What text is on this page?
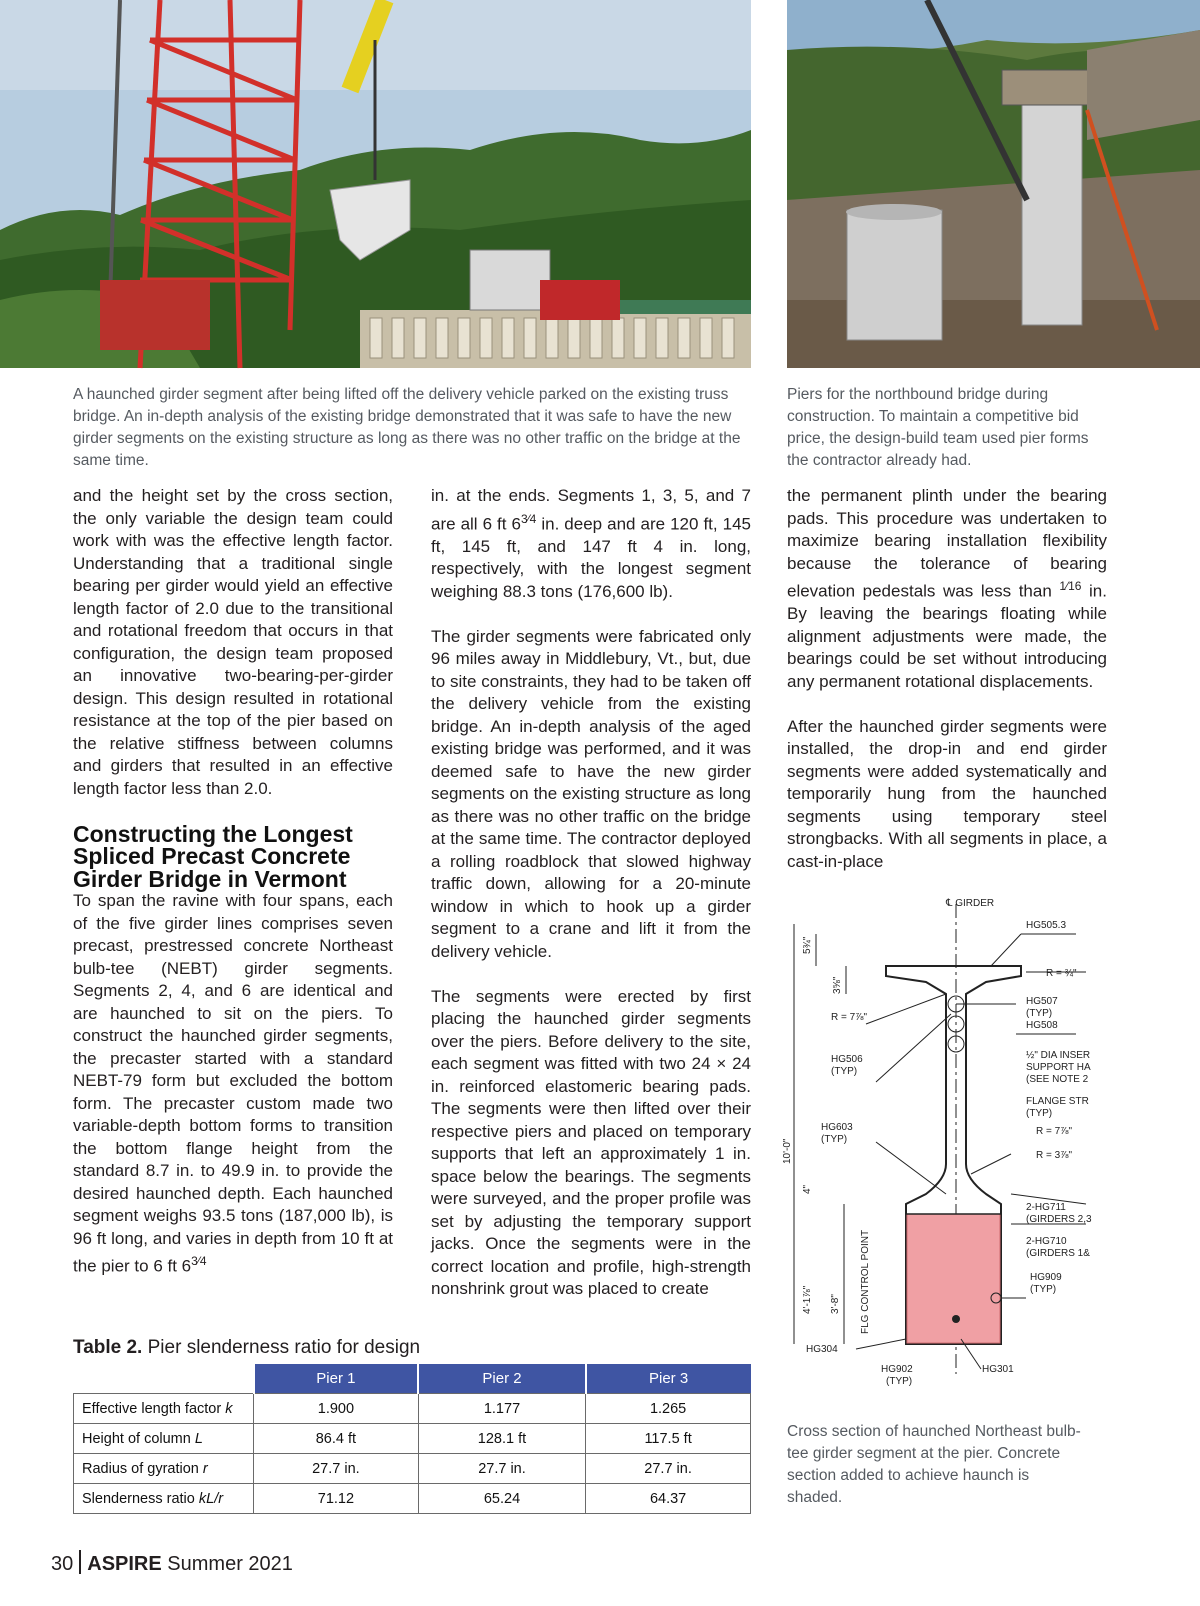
A haunched girder segment after being lifted off the delivery vehicle parked on the existing truss bridge. An in-depth analysis of the existing bridge demonstrated that it was safe to have the new girder segments on the existing structure as long as there was no other traffic on the bridge at the same time.
Piers for the northbound bridge during construction. To maintain a competitive bid price, the design-build team used pier forms the contractor already had.

and the height set by the cross section, the only variable the design team could work with was the effective length factor. Understanding that a traditional single bearing per girder would yield an effective length factor of 2.0 due to the transitional and rotational freedom that occurs in that configuration, the design team proposed an innovative two-bearing-per-girder design. This design resulted in rotational resistance at the top of the pier based on the relative stiffness between columns and girders that resulted in an effective length factor less than 2.0.

Constructing the Longest Spliced Precast Concrete Girder Bridge in Vermont

To span the ravine with four spans, each of the five girder lines comprises seven precast, prestressed concrete Northeast bulb-tee (NEBT) girder segments. Segments 2, 4, and 6 are identical and are haunched to sit on the piers. To construct the haunched girder segments, the precaster started with a standard NEBT-79 form but excluded the bottom form. The precaster custom made two variable-depth bottom forms to transition the bottom flange height from the standard 8.7 in. to 49.9 in. to provide the desired haunched depth. Each haunched segment weighs 93.5 tons (187,000 lb), is 96 ft long, and varies in depth from 10 ft at the pier to 6 ft $6^{3⁄4}$

in. at the ends. Segments 1, 3, 5, and 7 are all 6 ft $6^{3⁄4}$ in. deep and are 120 ft, 145 ft, 145 ft, and 147 ft 4 in. long, respectively, with the longest segment weighing 88.3 tons (176,600 lb).

The girder segments were fabricated only 96 miles away in Middlebury, Vt., but, due to site constraints, they had to be taken off the delivery vehicle from the existing bridge. An in-depth analysis of the aged existing bridge was performed, and it was deemed safe to have the new girder segments on the existing structure as long as there was no other traffic on the bridge at the same time. The contractor deployed a rolling roadblock that slowed highway traffic down, allowing for a 20-minute window in which to hook up a girder segment to a crane and lift it from the delivery vehicle.

The segments were erected by first placing the haunched girder segments over the piers. Before delivery to the site, each segment was fitted with two 24 × 24 in. reinforced elastomeric bearing pads. The segments were then lifted over their respective piers and placed on temporary supports that left an approximately 1 in. space below the bearings. The segments were surveyed, and the proper profile was set by adjusting the temporary support jacks. Once the segments were in the correct location and profile, high-strength nonshrink grout was placed to create

the permanent plinth under the bearing pads. This procedure was undertaken to maximize bearing installation flexibility because the tolerance of bearing elevation pedestals was less than $^{1⁄16}$ in. By leaving the bearings floating while alignment adjustments were made, the bearings could be set without introducing any permanent rotational displacements.

After the haunched girder segments were installed, the drop-in and end girder segments were added systematically and temporarily hung from the haunched segments using temporary steel strongbacks. With all segments in place, a cast-in-place

℄ GIRDER
5¾"
3⅝"
10'-0"
4"
4'-1⅞" 3'-8" FLG CONTROL POINT
HG505.3
R = ¾"
R = 7⅞"
HG507
(TYP)
HG508
½" DIA INSER
SUPPORT HA
(SEE NOTE 2
FLANGE STR
(TYP)
HG506
(TYP)
HG603
(TYP)
R = 7⅞"
R = 3⅞"
2-HG711
(GIRDERS 2,3
2-HG710
(GIRDERS 1&
HG909
(TYP)
HG304
HG902
(TYP)
HG301
Cross section of haunched Northeast bulb-tee girder segment at the pier. Concrete section added to achieve haunch is shaded.
Table 2. Pier slenderness ratio for design
	Pier 1	Pier 2	Pier 3
Effective length factor k	1.900	1.177	1.265
Height of column L	86.4 ft	128.1 ft	117.5 ft
Radius of gyration r	27.7 in.	27.7 in.	27.7 in.
Slenderness ratio kL/r	71.12	65.24	64.37
30 ASPIRE Summer 2021
